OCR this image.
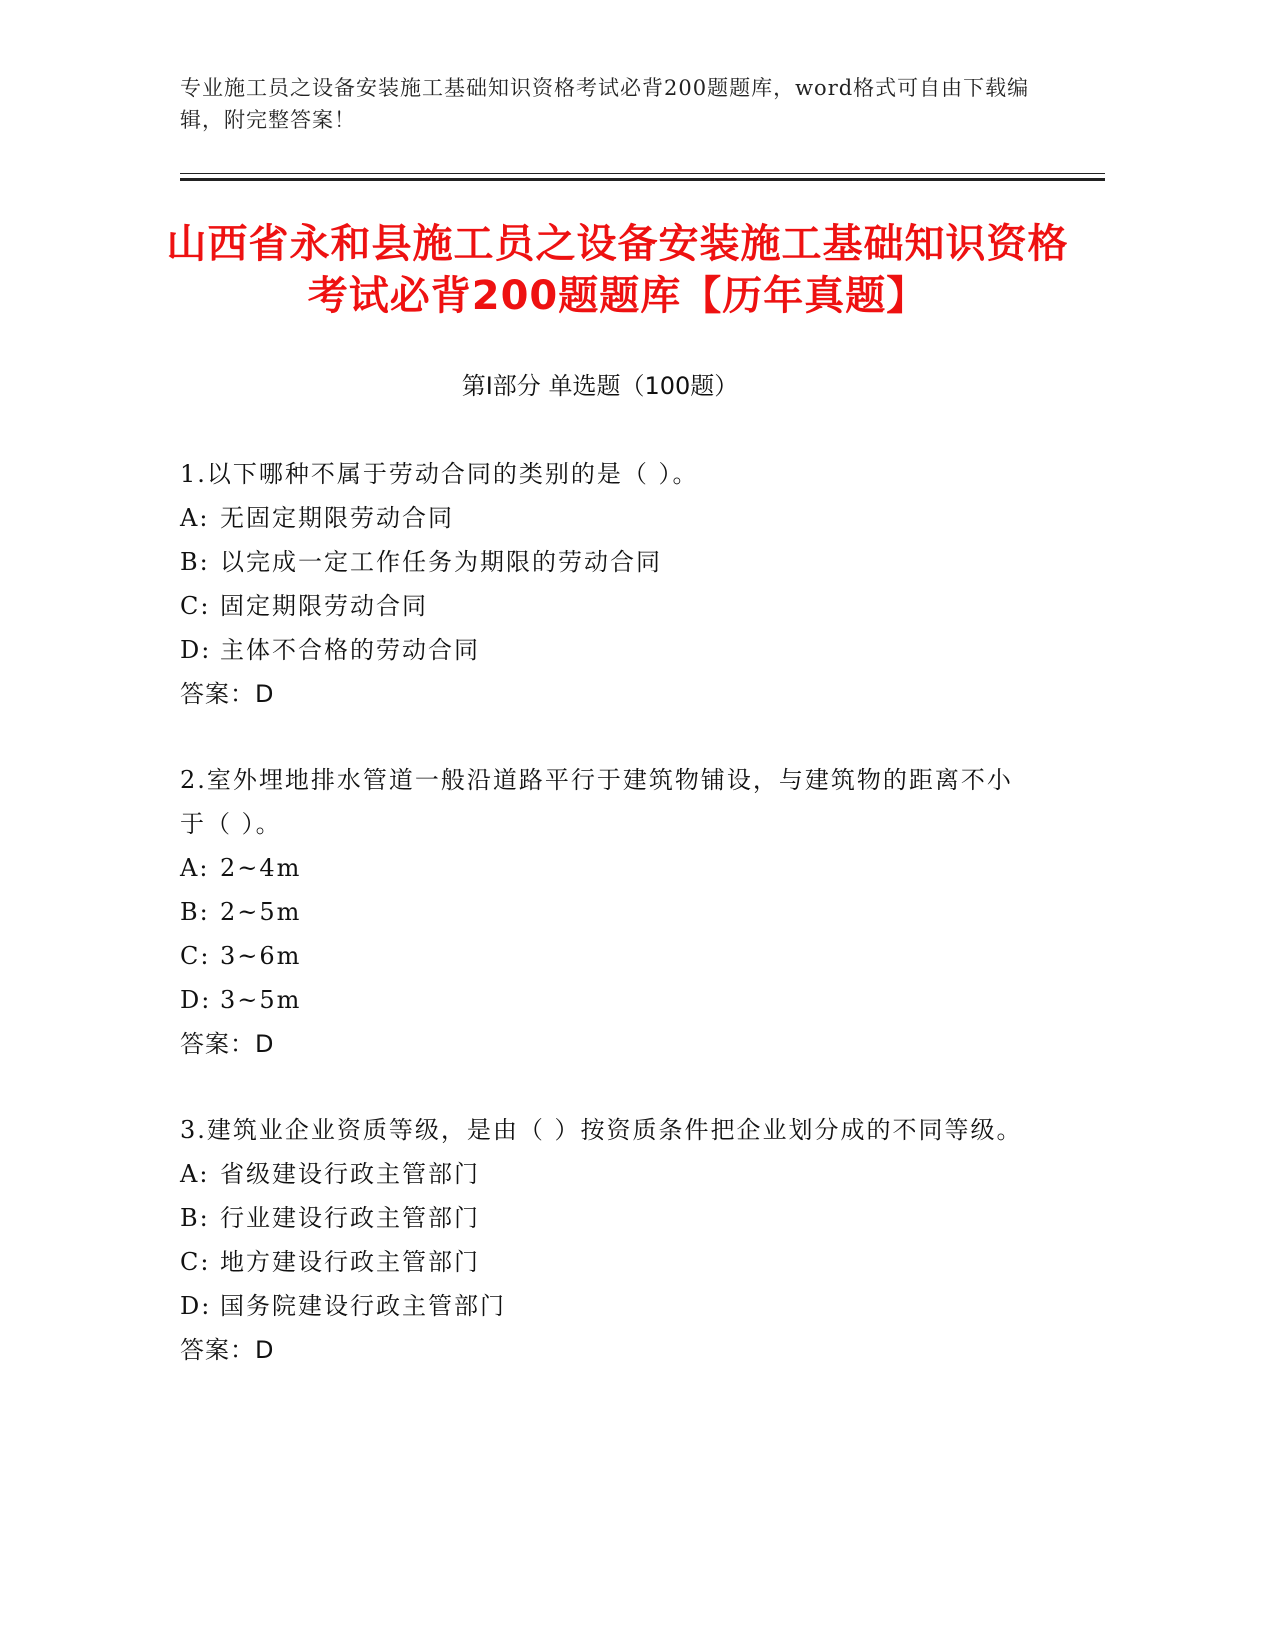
专业施工员之设备安装施工基础知识资格考试必背200题题库，word格式可自由下载编辑，附完整答案！
山西省永和县施工员之设备安装施工基础知识资格考试必背200题题库【历年真题】
第Ⅰ部分 单选题（100题）
1.以下哪种不属于劳动合同的类别的是（ ）。
A: 无固定期限劳动合同
B: 以完成一定工作任务为期限的劳动合同
C: 固定期限劳动合同
D: 主体不合格的劳动合同
答案：D
2.室外埋地排水管道一般沿道路平行于建筑物铺设，与建筑物的距离不小于（ ）。
A: 2~4m
B: 2~5m
C: 3~6m
D: 3~5m
答案：D
3.建筑业企业资质等级，是由（ ）按资质条件把企业划分成的不同等级。
A: 省级建设行政主管部门
B: 行业建设行政主管部门
C: 地方建设行政主管部门
D: 国务院建设行政主管部门
答案：D
